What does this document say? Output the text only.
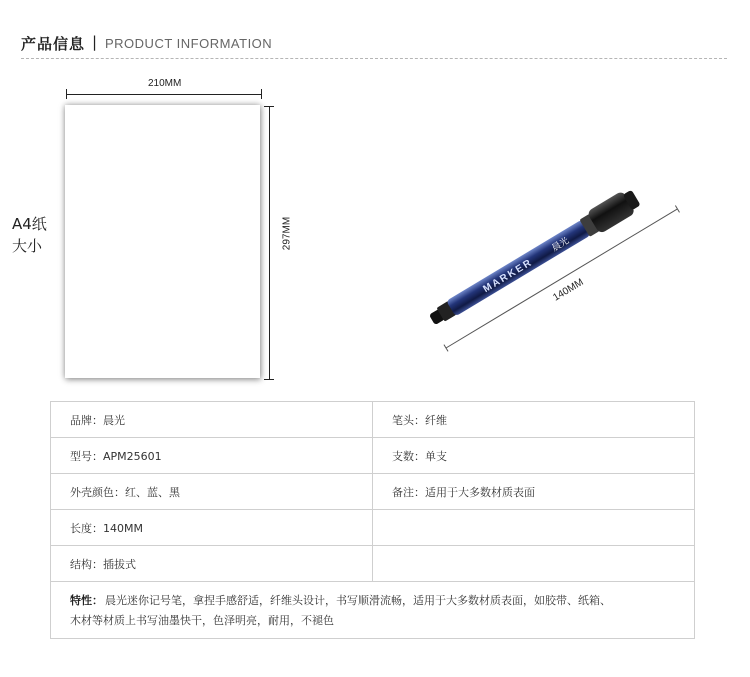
产品信息 | PRODUCT INFORMATION
210MM
297MM
A4纸
大小
MARKER
晨光
140MM
品牌：晨光	笔头：纤维
型号：APM25601	支数：单支
外壳颜色：红、蓝、黑	备注：适用于大多数材质表面
长度：140MM	
结构：插拔式	
特性： 晨光迷你记号笔，拿捏手感舒适，纤维头设计，书写顺滑流畅，适用于大多数材质表面，如胶带、纸箱、
木材等材质上书写油墨快干，色泽明亮，耐用，不褪色	
